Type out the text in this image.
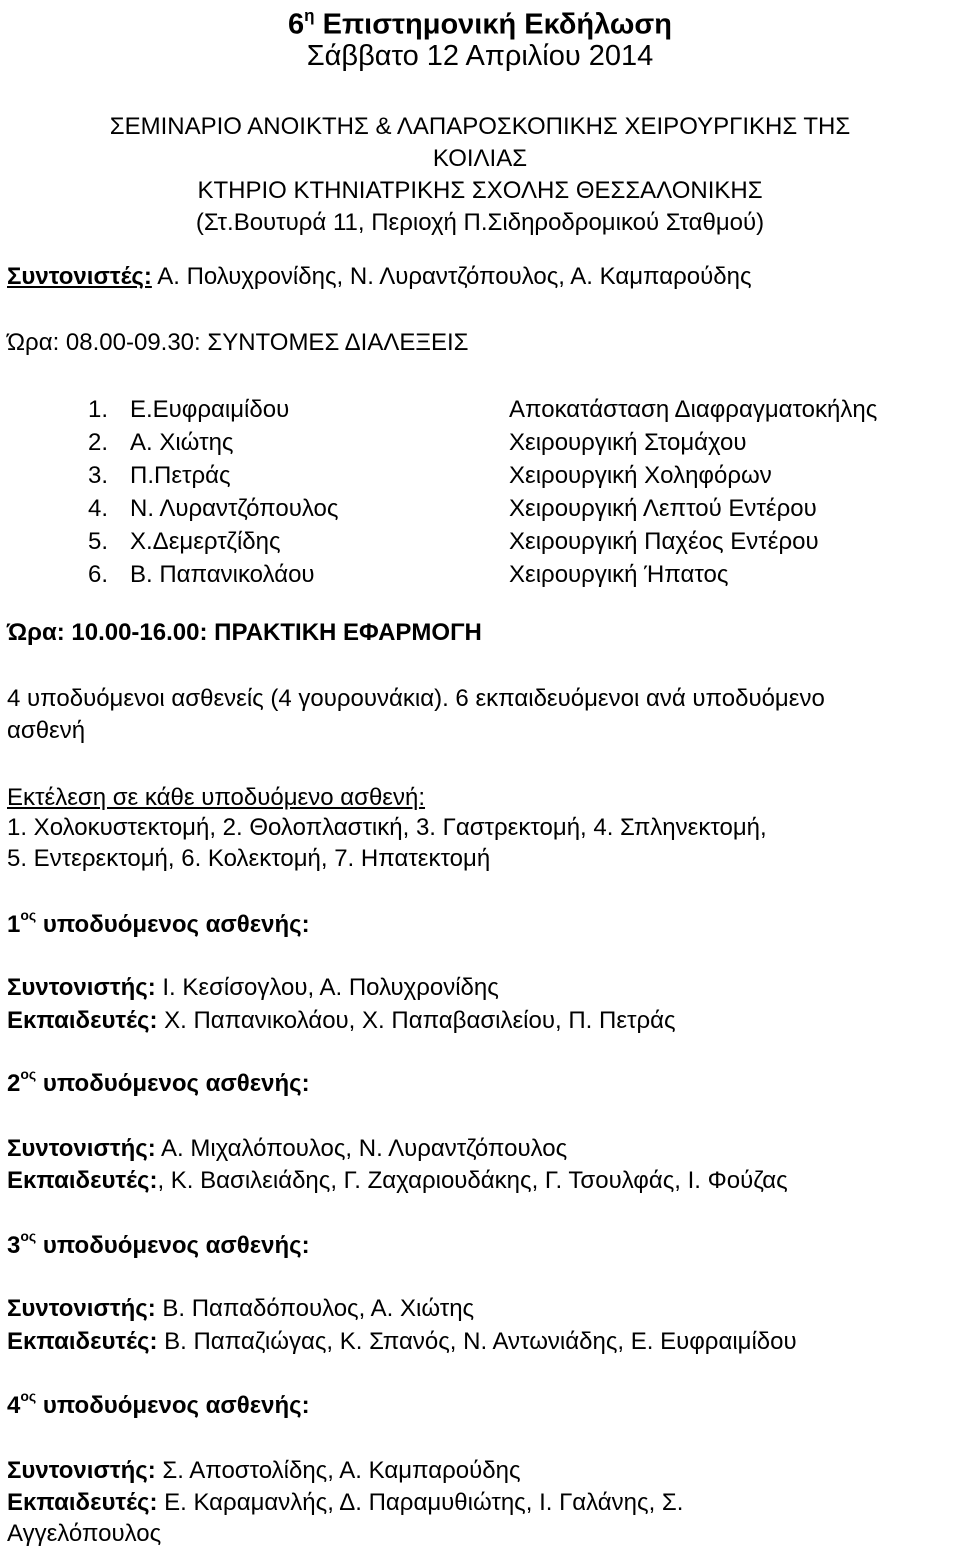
$6^\eta$ Επιστημονική Εκδήλωση
Σάββατο 12 Απριλίου 2014
ΣΕΜΙΝΑΡΙΟ ΑΝΟΙΚΤΗΣ & ΛΑΠΑΡΟΣΚΟΠΙΚΗΣ ΧΕΙΡΟΥΡΓΙΚΗΣ ΤΗΣ
ΚΟΙΛΙΑΣ
ΚΤΗΡΙΟ ΚΤΗΝΙΑΤΡΙΚΗΣ ΣΧΟΛΗΣ ΘΕΣΣΑΛΟΝΙΚΗΣ
(Στ.Βουτυρά 11, Περιοχή Π.Σιδηροδρομικού Σταθμού)
Συντονιστές: Α. Πολυχρονίδης, Ν. Λυραντζόπουλος, Α. Καμπαρούδης
Ώρα: 08.00-09.30: ΣΥΝΤΟΜΕΣ ΔΙΑΛΕΞΕΙΣ
1. Ε.Ευφραιμίδου	Αποκατάσταση Διαφραγματοκήλης
2. Α. Χιώτης	Χειρουργική Στομάχου
3. Π.Πετράς	Χειρουργική Χοληφόρων
4. Ν. Λυραντζόπουλος	Χειρουργική Λεπτού Εντέρου
5. Χ.Δεμερτζίδης	Χειρουργική Παχέος Εντέρου
6. Β. Παπανικολάου	Χειρουργική Ήπατος
Ώρα: 10.00-16.00: ΠΡΑΚΤΙΚΗ ΕΦΑΡΜΟΓΗ
4 υποδυόμενοι ασθενείς (4 γουρουνάκια). 6 εκπαιδευόμενοι ανά υποδυόμενο
ασθενή
Εκτέλεση σε κάθε υποδυόμενο ασθενή:
1. Χολοκυστεκτομή, 2. Θολοπλαστική, 3. Γαστρεκτομή, 4. Σπληνεκτομή,
5. Εντερεκτομή, 6. Κολεκτομή, 7. Ηπατεκτομή
$1^{o\varsigma}$ υποδυόμενος ασθενής:
Συντονιστής: Ι. Κεσίσογλου, Α. Πολυχρονίδης
Εκπαιδευτές: Χ. Παπανικολάου, Χ. Παπαβασιλείου, Π. Πετράς
$2^{o\varsigma}$ υποδυόμενος ασθενής:
Συντονιστής: Α. Μιχαλόπουλος, Ν. Λυραντζόπουλος
Εκπαιδευτές:, Κ. Βασιλειάδης, Γ. Ζαχαριουδάκης, Γ. Τσουλφάς, Ι. Φούζας
$3^{o\varsigma}$ υποδυόμενος ασθενής:
Συντονιστής: Β. Παπαδόπουλος, Α. Χιώτης
Εκπαιδευτές: Β. Παπαζιώγας, Κ. Σπανός, Ν. Αντωνιάδης, Ε. Ευφραιμίδου
$4^{o\varsigma}$ υποδυόμενος ασθενής:
Συντονιστής: Σ. Αποστολίδης, Α. Καμπαρούδης
Εκπαιδευτές: Ε. Καραμανλής, Δ. Παραμυθιώτης, Ι. Γαλάνης, Σ.
Αγγελόπουλος
